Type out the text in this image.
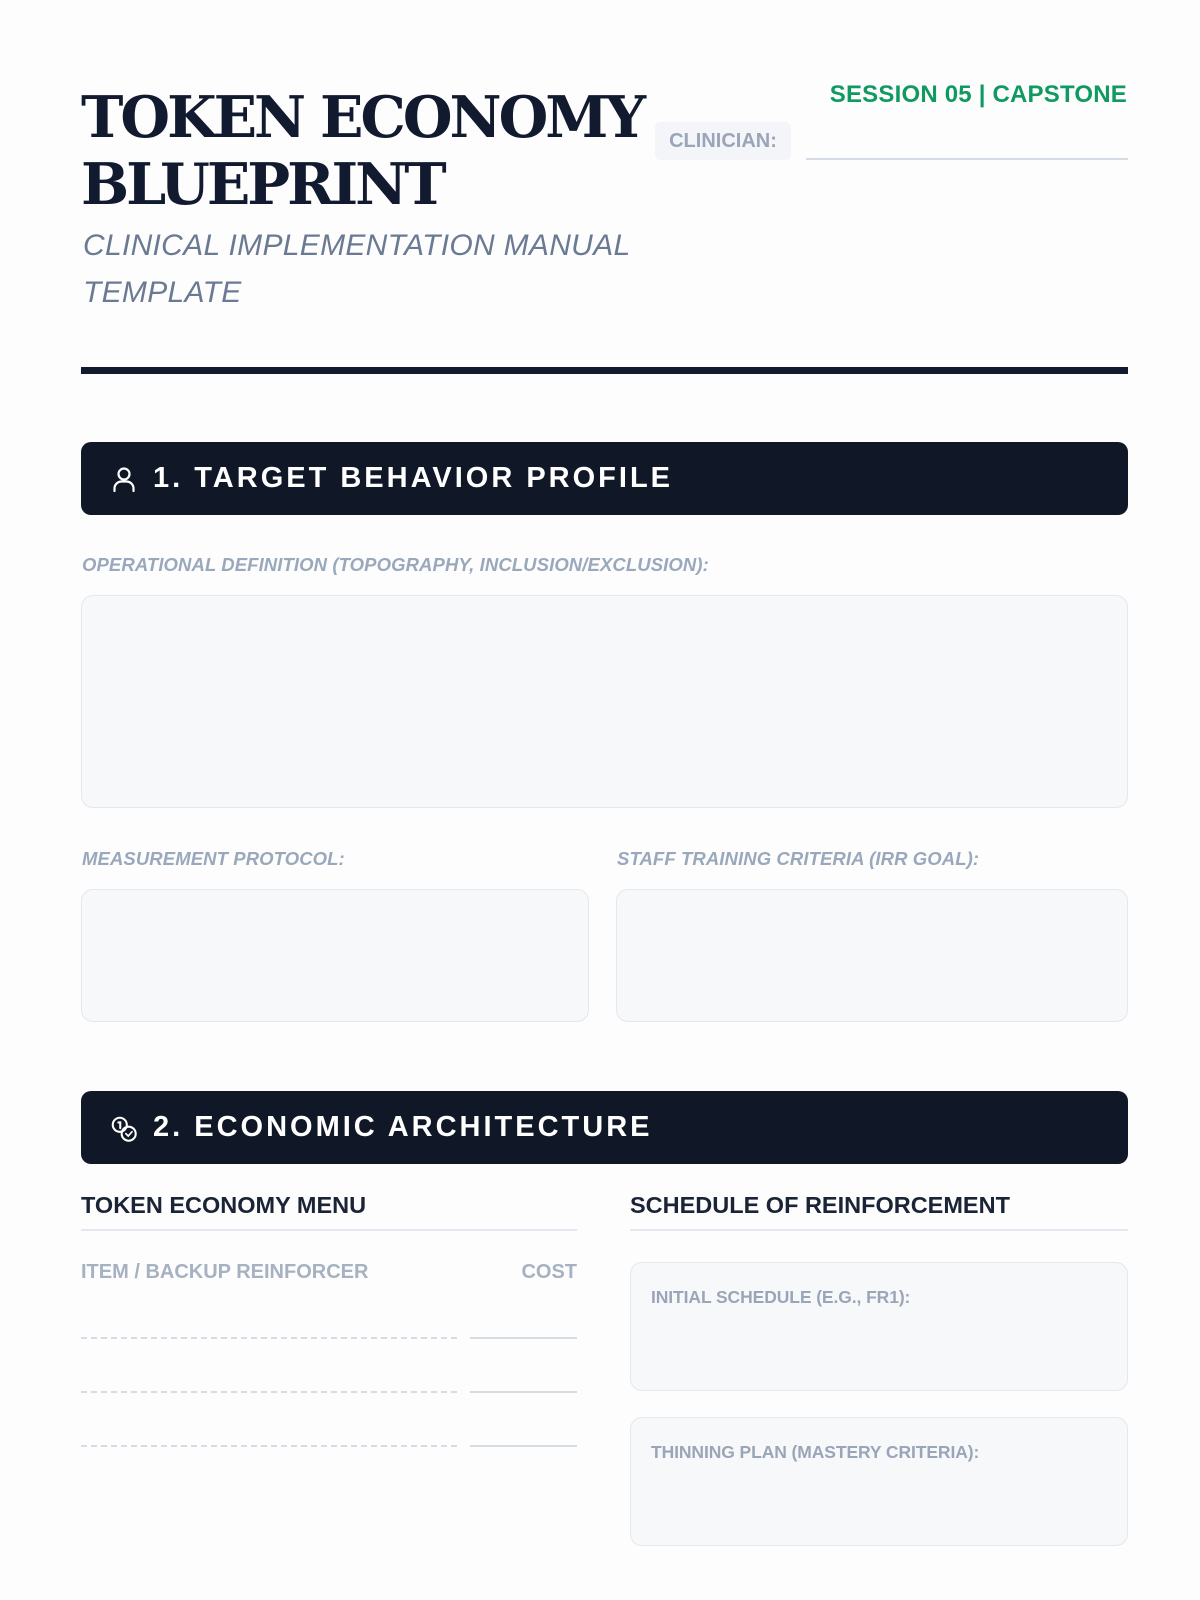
TOKEN ECONOMY
BLUEPRINT
CLINICAL IMPLEMENTATION MANUAL
TEMPLATE
SESSION 05 | CAPSTONE
CLINICIAN:
1. TARGET BEHAVIOR PROFILE
OPERATIONAL DEFINITION (TOPOGRAPHY, INCLUSION/EXCLUSION):
MEASUREMENT PROTOCOL:	STAFF TRAINING CRITERIA (IRR GOAL):
2. ECONOMIC ARCHITECTURE
TOKEN ECONOMY MENU
ITEM / BACKUP REINFORCER	COST
SCHEDULE OF REINFORCEMENT
INITIAL SCHEDULE (E.G., FR1):
THINNING PLAN (MASTERY CRITERIA):
